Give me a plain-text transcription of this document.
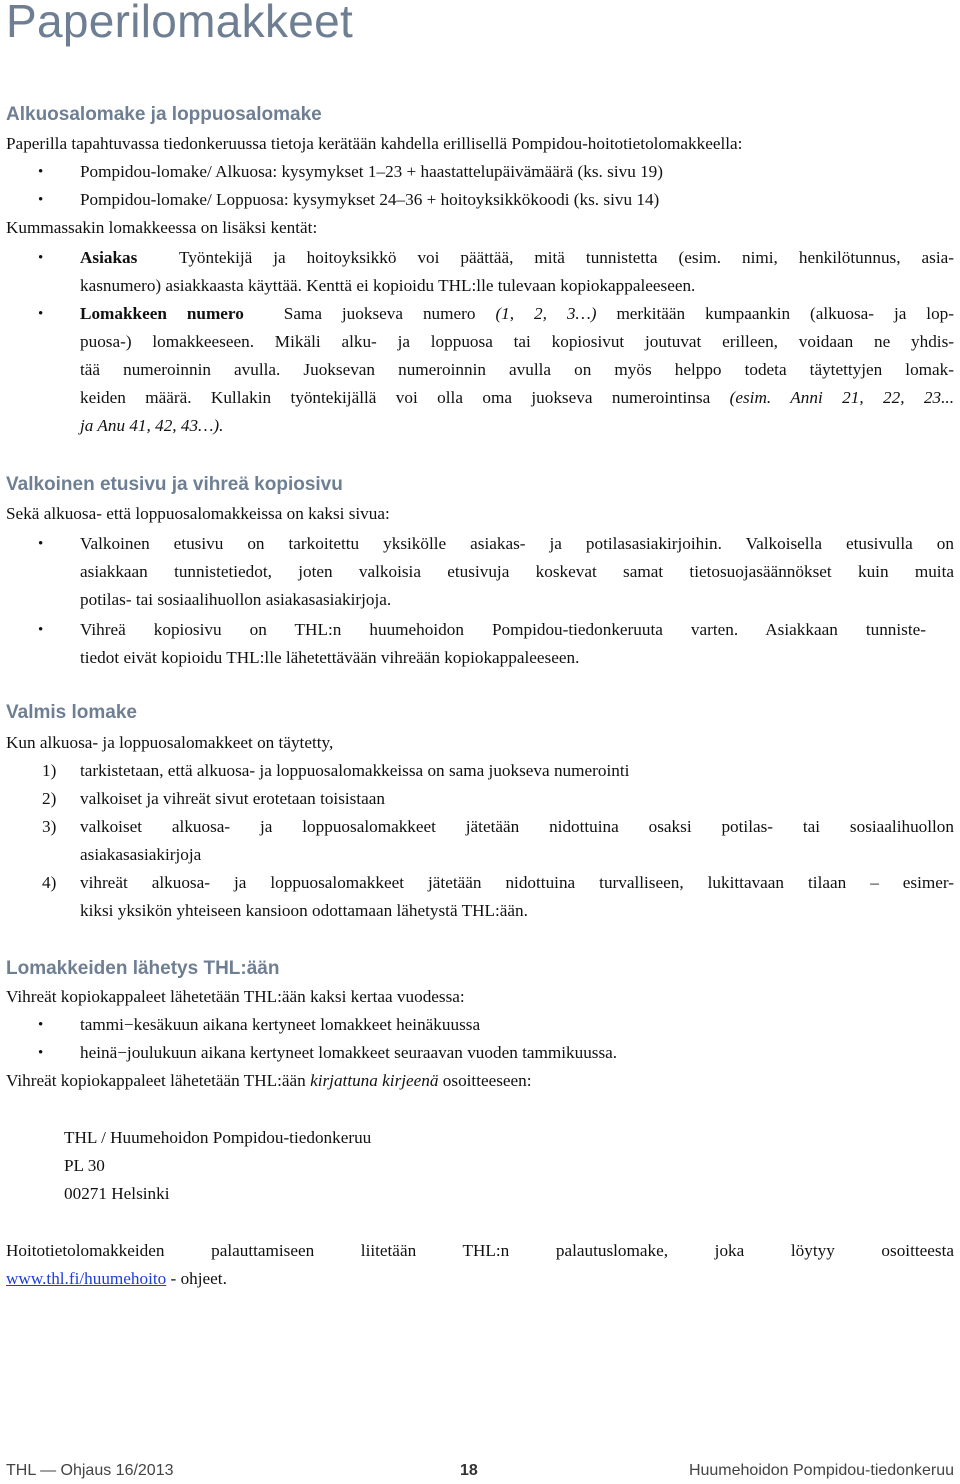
Paperilomakkeet
Alkuosalomake ja loppuosalomake
Paperilla tapahtuvassa tiedonkeruussa tietoja kerätään kahdella erillisellä Pompidou-hoitotietolomakkeella:
• Pompidou-lomake/ Alkuosa: kysymykset 1–23 + haastattelupäivämäärä (ks. sivu 19)
• Pompidou-lomake/ Loppuosa: kysymykset 24–36 + hoitoyksikkökoodi (ks. sivu 14)
Kummassakin lomakkeessa on lisäksi kentät:
• Asiakas Työntekijä ja hoitoyksikkö voi päättää, mitä tunnistetta (esim. nimi, henkilötunnus, asia-
kasnumero) asiakkaasta käyttää. Kenttä ei kopioidu THL:lle tulevaan kopiokappaleeseen.
• Lomakkeen numero Sama juokseva numero (1, 2, 3…) merkitään kumpaankin (alkuosa- ja lop-
puosa-) lomakkeeseen. Mikäli alku- ja loppuosa tai kopiosivut joutuvat erilleen, voidaan ne yhdis-
tää numeroinnin avulla. Juoksevan numeroinnin avulla on myös helppo todeta täytettyjen lomak-
keiden määrä. Kullakin työntekijällä voi olla oma juokseva numerointinsa (esim. Anni 21, 22, 23...
ja Anu 41, 42, 43…).
Valkoinen etusivu ja vihreä kopiosivu
Sekä alkuosa- että loppuosalomakkeissa on kaksi sivua:
• Valkoinen etusivu on tarkoitettu yksikölle asiakas- ja potilasasiakirjoihin. Valkoisella etusivulla on
asiakkaan tunnistetiedot, joten valkoisia etusivuja koskevat samat tietosuojasäännökset kuin muita
potilas- tai sosiaalihuollon asiakasasiakirjoja.
• Vihreä kopiosivu on THL:n huumehoidon Pompidou-tiedonkeruuta varten. Asiakkaan tunniste-
tiedot eivät kopioidu THL:lle lähetettävään vihreään kopiokappaleeseen.
Valmis lomake
Kun alkuosa- ja loppuosalomakkeet on täytetty,
1) tarkistetaan, että alkuosa- ja loppuosalomakkeissa on sama juokseva numerointi
2) valkoiset ja vihreät sivut erotetaan toisistaan
3) valkoiset alkuosa- ja loppuosalomakkeet jätetään nidottuina osaksi potilas- tai sosiaalihuollon
asiakasasiakirjoja
4) vihreät alkuosa- ja loppuosalomakkeet jätetään nidottuina turvalliseen, lukittavaan tilaan – esimer-
kiksi yksikön yhteiseen kansioon odottamaan lähetystä THL:ään.
Lomakkeiden lähetys THL:ään
Vihreät kopiokappaleet lähetetään THL:ään kaksi kertaa vuodessa:
• tammi−kesäkuun aikana kertyneet lomakkeet heinäkuussa
• heinä−joulukuun aikana kertyneet lomakkeet seuraavan vuoden tammikuussa.
Vihreät kopiokappaleet lähetetään THL:ään kirjattuna kirjeenä osoitteeseen:
THL / Huumehoidon Pompidou-tiedonkeruu
PL 30
00271 Helsinki
Hoitotietolomakkeiden palauttamiseen liitetään THL:n palautuslomake, joka löytyy osoitteesta
www.thl.fi/huumehoito - ohjeet.
THL — Ohjaus 16/2013	18	Huumehoidon Pompidou-tiedonkeruu
